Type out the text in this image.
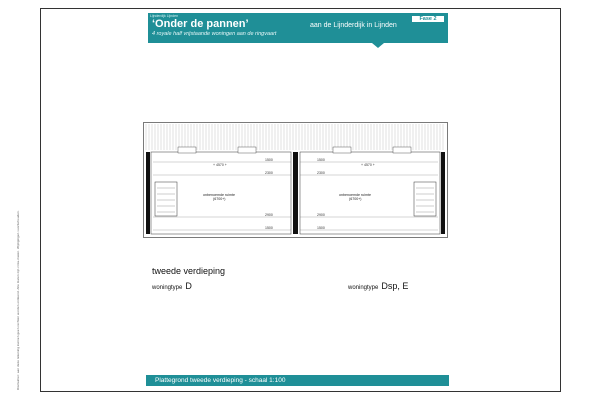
Disclaimer: aan deze tekening kunnen geen rechten worden ontleend. Alle maten zijn circa-maten. Wijzigingen voorbehouden.
Lijnderdijk Lijnden
‘Onder de pannen’	aan de Lijnderdijk in Lijnden
4 royale half vrijstaande woningen aan de ringvaart
Fase 2
+ 4570 +	+ 4570 +
1500
2300
2900
1500
1500
2300
2900
1500
onbenoemde ruimte
(6700+)
onbenoemde ruimte
(6700+)
tweede verdieping
woningtype D	woningtype Dsp, E
Plattegrond tweede verdieping - schaal 1:100
